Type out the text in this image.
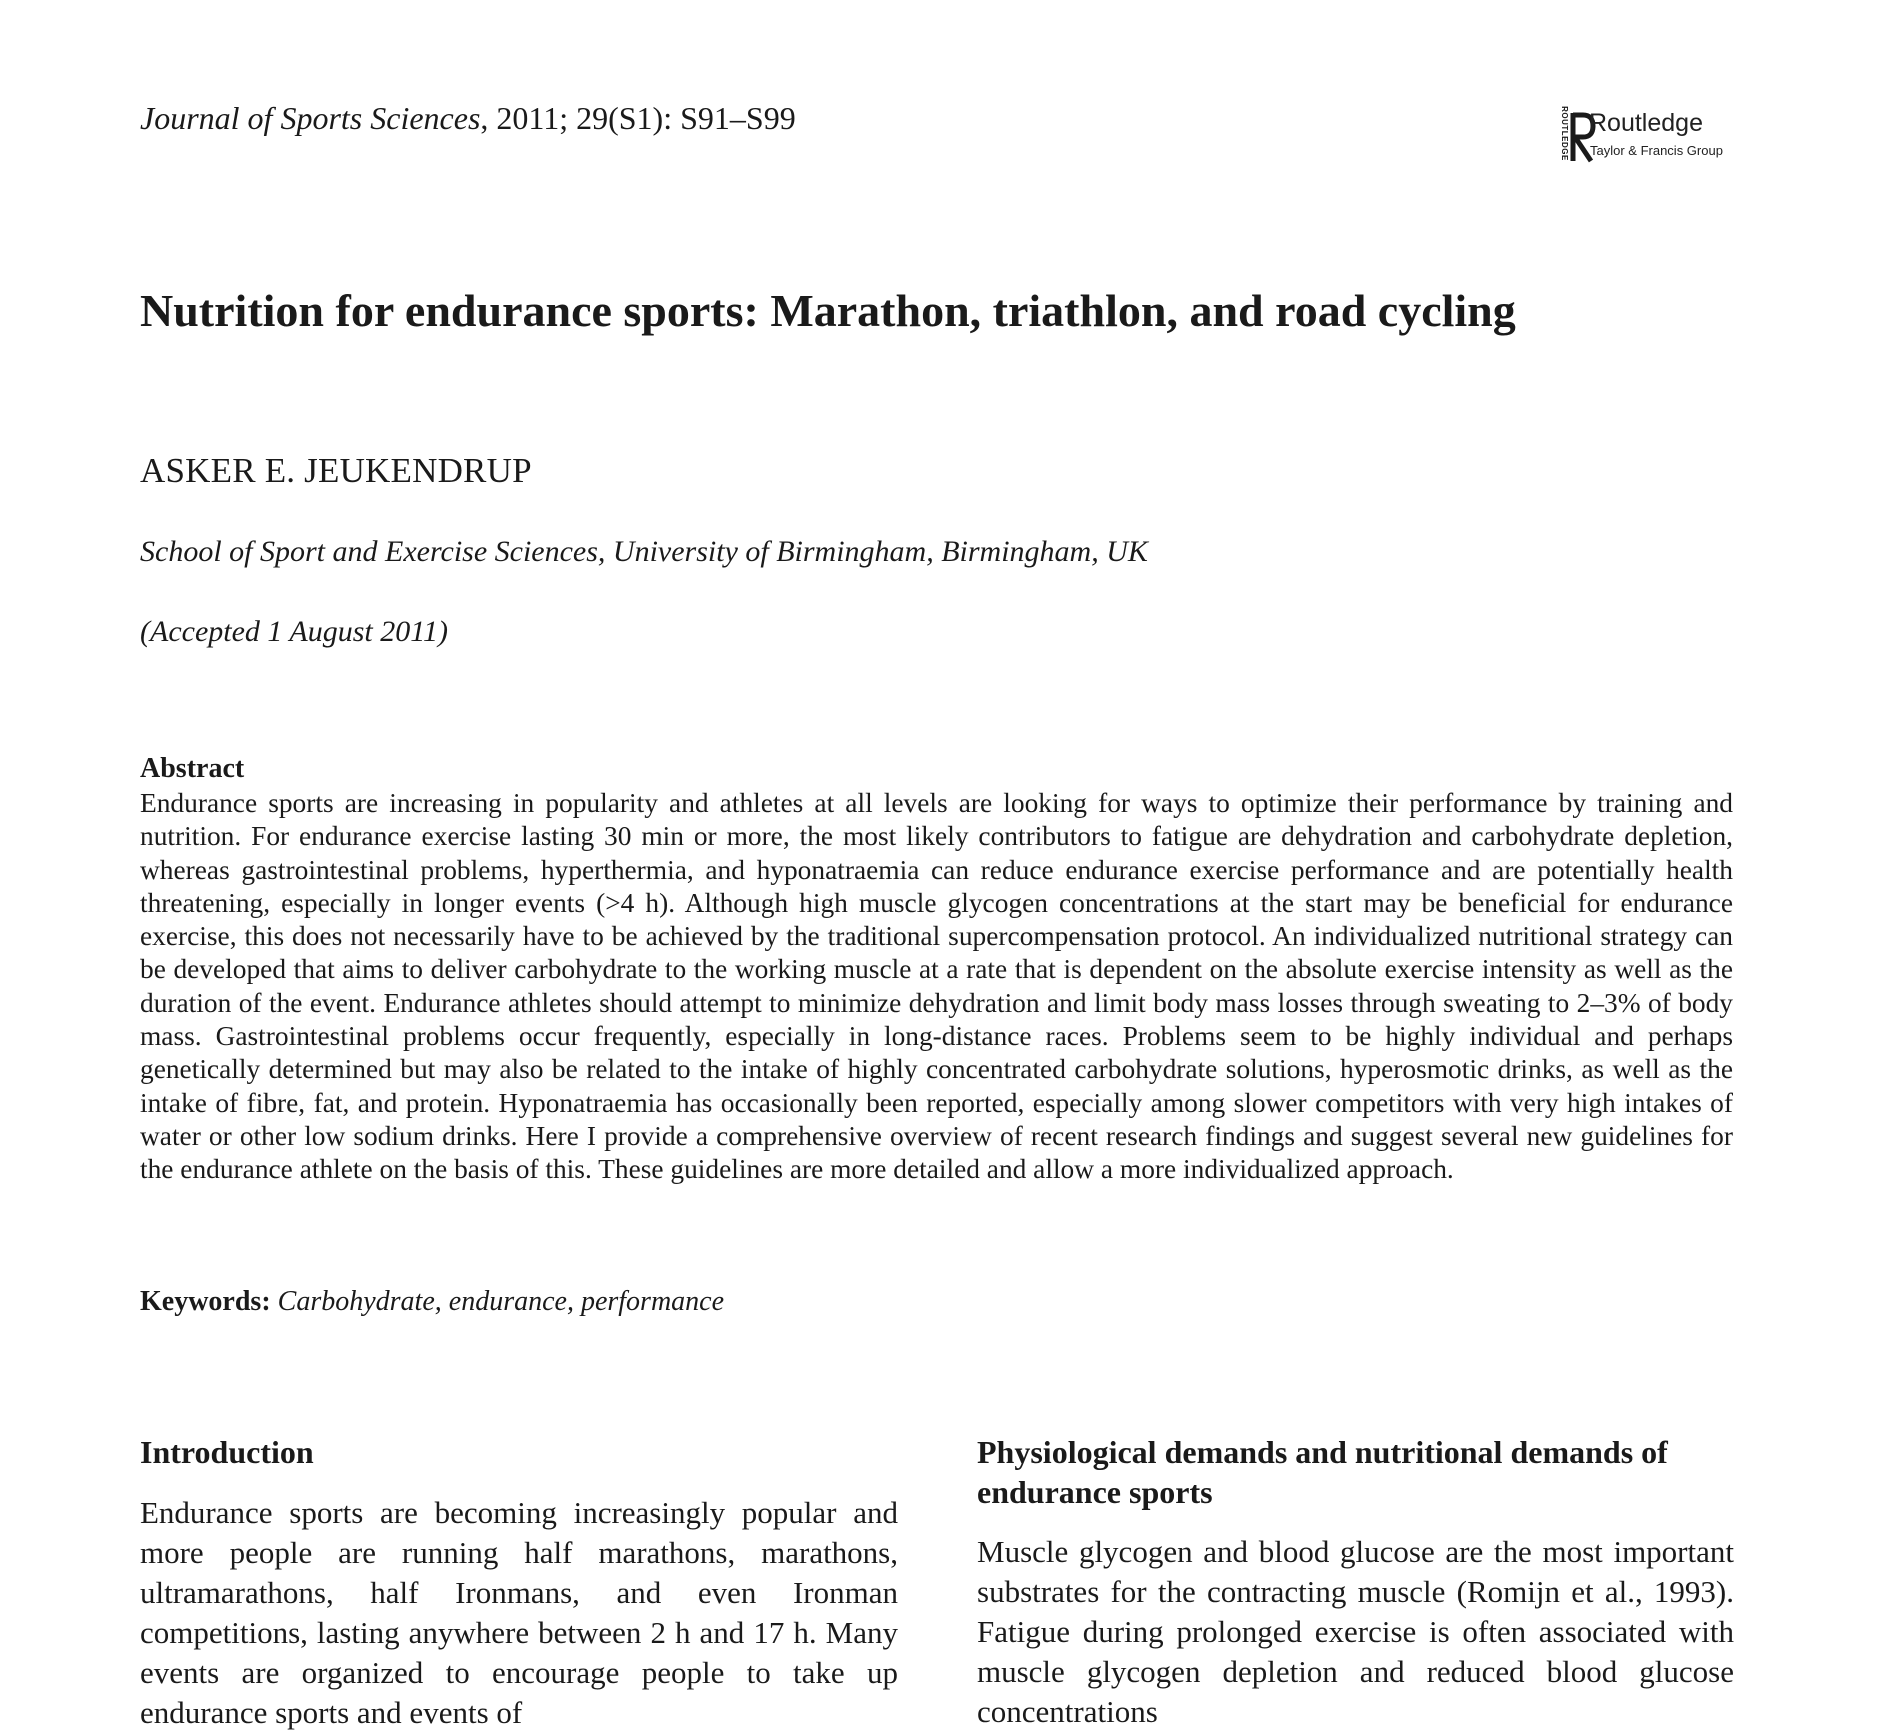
Journal of Sports Sciences, 2011; 29(S1): S91–S99	ROUTLEDGE Routledge
Taylor & Francis Group
Nutrition for endurance sports: Marathon, triathlon, and road cycling
ASKER E. JEUKENDRUP
School of Sport and Exercise Sciences, University of Birmingham, Birmingham, UK
(Accepted 1 August 2011)
Abstract
Endurance sports are increasing in popularity and athletes at all levels are looking for ways to optimize their performance by training and nutrition. For endurance exercise lasting 30 min or more, the most likely contributors to fatigue are dehydration and carbohydrate depletion, whereas gastrointestinal problems, hyperthermia, and hyponatraemia can reduce endurance exercise performance and are potentially health threatening, especially in longer events (>4 h). Although high muscle glycogen concentrations at the start may be beneficial for endurance exercise, this does not necessarily have to be achieved by the traditional supercompensation protocol. An individualized nutritional strategy can be developed that aims to deliver carbohydrate to the working muscle at a rate that is dependent on the absolute exercise intensity as well as the duration of the event. Endurance athletes should attempt to minimize dehydration and limit body mass losses through sweating to 2–3% of body mass. Gastrointestinal problems occur frequently, especially in long-distance races. Problems seem to be highly individual and perhaps genetically determined but may also be related to the intake of highly concentrated carbohydrate solutions, hyperosmotic drinks, as well as the intake of fibre, fat, and protein. Hyponatraemia has occasionally been reported, especially among slower competitors with very high intakes of water or other low sodium drinks. Here I provide a comprehensive overview of recent research findings and suggest several new guidelines for the endurance athlete on the basis of this. These guidelines are more detailed and allow a more individualized approach.
Keywords: Carbohydrate, endurance, performance
Introduction
Endurance sports are becoming increasingly popular and more people are running half marathons, marathons, ultramarathons, half Ironmans, and even Ironman competitions, lasting anywhere between 2 h and 17 h. Many events are organized to encourage people to take up endurance sports and events of
Physiological demands and nutritional demands of endurance sports
Muscle glycogen and blood glucose are the most important substrates for the contracting muscle (Romijn et al., 1993). Fatigue during prolonged exercise is often associated with muscle glycogen depletion and reduced blood glucose concentrations
